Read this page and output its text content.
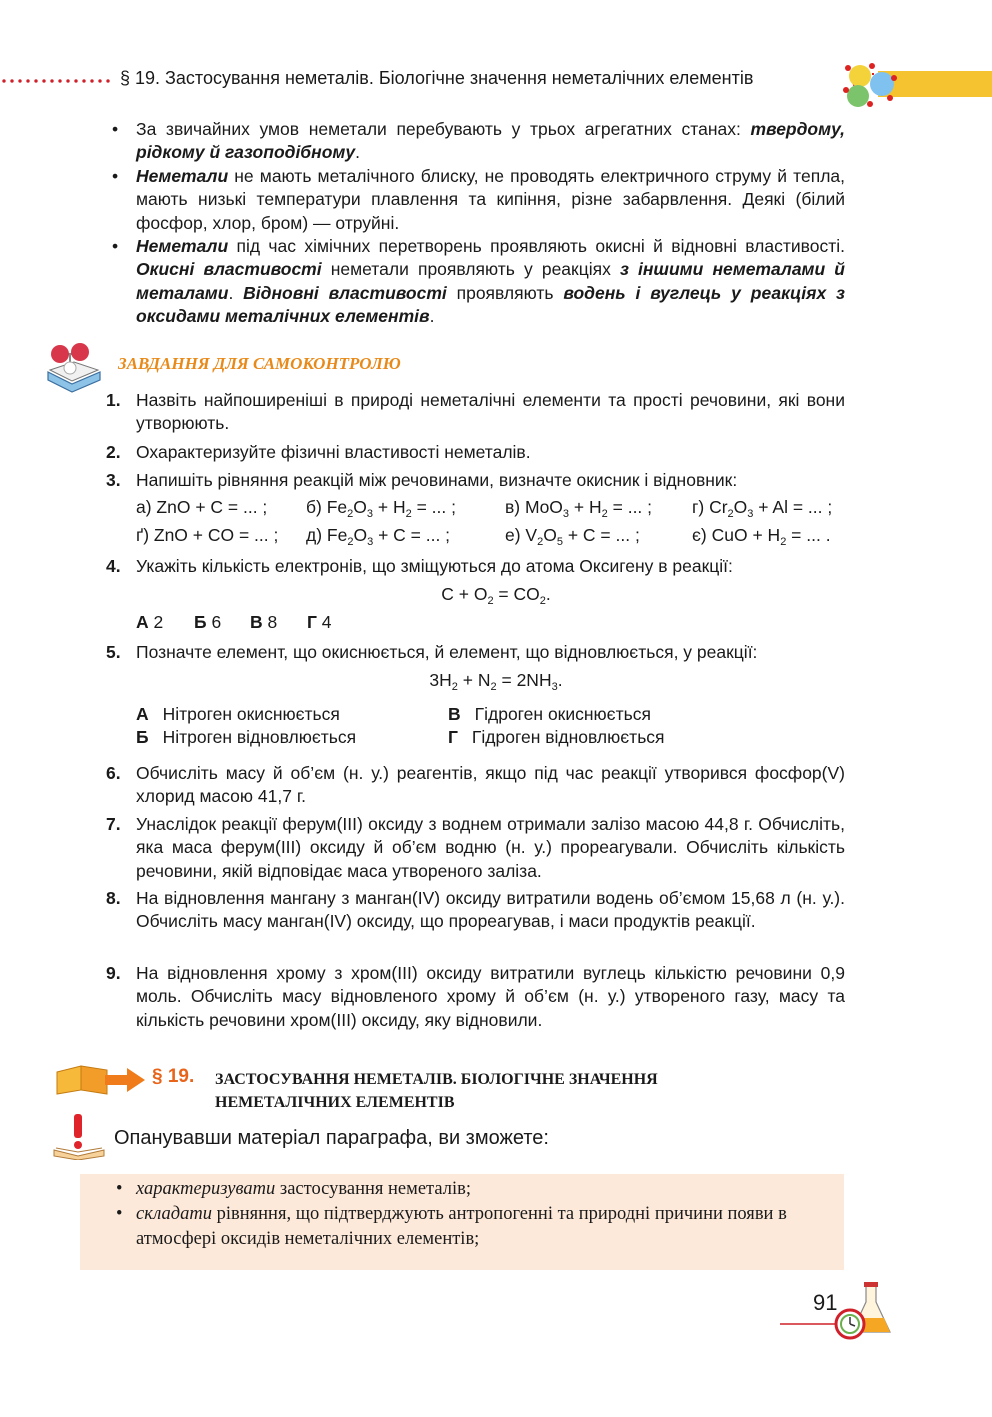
§ 19. Застосування неметалів. Біологічне значення неметалічних елементів

• За звичайних умов неметали перебувають у трьох агрегатних станах: твердому, рідкому й газоподібному.

• Неметали не мають металічного блиску, не проводять електричного струму й тепла, мають низькі температури плавлення та кипіння, різне забарвлення. Деякі (білий фосфор, хлор, бром) — отруйні.

• Неметали під час хімічних перетворень проявляють окисні й відновні властивості. Окисні властивості неметали проявляють у реакціях з іншими неметалами й металами. Відновні властивості проявляють водень і вуглець у реакціях з оксидами металічних елементів.

ЗАВДАННЯ ДЛЯ САМОКОНТРОЛЮ
1. Назвіть найпоширеніші в природі неметалічні елементи та прості речовини, які вони утворюють.
2. Охарактеризуйте фізичні властивості неметалів.
3. Напишіть рівняння реакцій між речовинами, визначте окисник і відновник:
а) ZnO + C = ... ; б) $Fe_2O_3 + H_2$ = ... ;	в) $MoO_3 + H_2$ = ... ; г) $Cr_2O_3 + Al$ = ... ;
ґ) ZnO + CO = ... ; д) $Fe_2O_3 + C$ = ... ;	е) $V_2O_5 + C$ = ... ;	є) CuO + $H_2$ = ... .
4. Укажіть кількість електронів, що зміщуються до атома Оксигену в реакції:
$C + O_2 = CO_2$.
А 2 Б 6 В 8 Г 4
5. Позначте елемент, що окиснюється, й елемент, що відновлюється, у реакції:
$3H_2 + N_2 = 2NH_3$.
А Нітроген окиснюється
Б Нітроген відновлюється
В Гідроген окиснюється
Г Гідроген відновлюється
6. Обчисліть масу й об’єм (н. у.) реагентів, якщо під час реакції утворився фосфор(V) хлорид масою 41,7 г.
7. Унаслідок реакції ферум(III) оксиду з воднем отримали залізо масою 44,8 г. Обчисліть, яка маса ферум(III) оксиду й об’єм водню (н. у.) прореагували. Обчисліть кількість речовини, якій відповідає маса утвореного заліза.
8. На відновлення мангану з манган(IV) оксиду витратили водень об’ємом 15,68 л (н. у.). Обчисліть масу манган(IV) оксиду, що прореагував, і маси продуктів реакції.
9. На відновлення хрому з хром(III) оксиду витратили вуглець кількістю речовини 0,9 моль. Обчисліть масу відновленого хрому й об’єм (н. у.) утвореного газу, масу та кількість речовини хром(III) оксиду, яку відновили.
§ 19. ЗАСТОСУВАННЯ НЕМЕТАЛІВ. БІОЛОГІЧНЕ ЗНАЧЕННЯ
НЕМЕТАЛІЧНИХ ЕЛЕМЕНТІВ
Опанувавши матеріал параграфа, ви зможете:

• характеризувати застосування неметалів;

• складати рівняння, що підтверджують антропогенні та природні причини появи в атмосфері оксидів неметалічних елементів;

91
